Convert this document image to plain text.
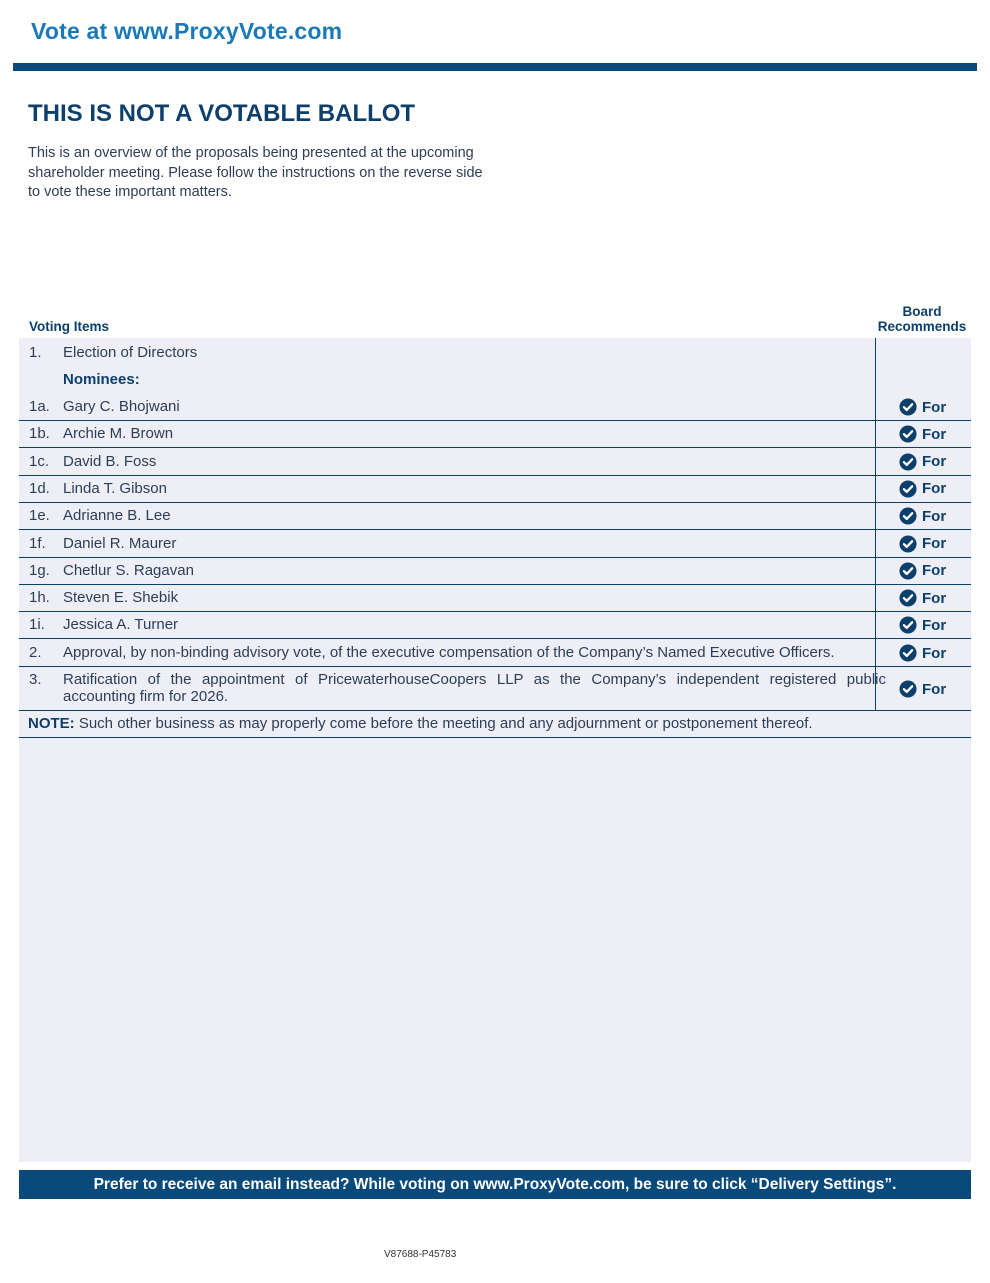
Vote at www.ProxyVote.com
THIS IS NOT A VOTABLE BALLOT
This is an overview of the proposals being presented at the upcoming shareholder meeting. Please follow the instructions on the reverse side to vote these important matters.
Voting Items
Board
Recommends
1. Election of Directors
Nominees:
1a. Gary C. Bhojwani	For
1b. Archie M. Brown	For
1c. David B. Foss	For
1d. Linda T. Gibson	For
1e. Adrianne B. Lee	For
1f. Daniel R. Maurer	For
1g. Chetlur S. Ragavan	For
1h. Steven E. Shebik	For
1i. Jessica A. Turner	For
2. Approval, by non-binding advisory vote, of the executive compensation of the Company’s Named Executive Officers.	For
3. Ratification of the appointment of PricewaterhouseCoopers LLP as the Company’s independent registered public accounting firm for 2026.	For
NOTE: Such other business as may properly come before the meeting and any adjournment or postponement thereof.
Prefer to receive an email instead? While voting on www.ProxyVote.com, be sure to click “Delivery Settings”.
V87688-P45783
